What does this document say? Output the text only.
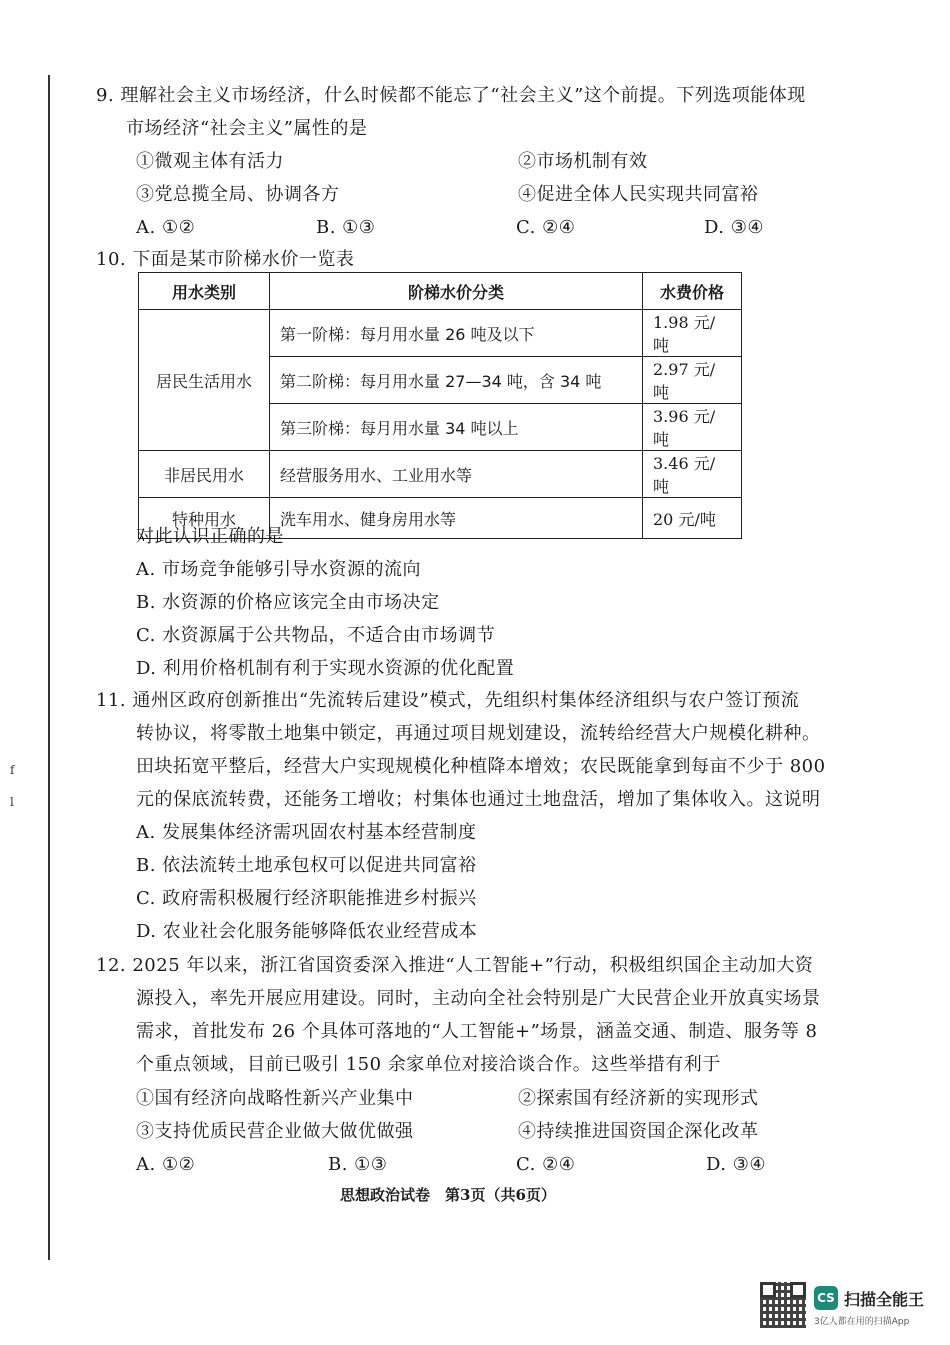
f
l
9. 理解社会主义市场经济，什么时候都不能忘了“社会主义”这个前提。下列选项能体现
市场经济“社会主义”属性的是
①微观主体有活力	②市场机制有效
③党总揽全局、协调各方	④促进全体人民实现共同富裕
A. ①②	B. ①③	C. ②④	D. ③④
10. 下面是某市阶梯水价一览表
用水类别	阶梯水价分类	水费价格
居民生活用水	第一阶梯：每月用水量 26 吨及以下	1.98 元/吨
	第二阶梯：每月用水量 27—34 吨，含 34 吨	2.97 元/吨
	第三阶梯：每月用水量 34 吨以上	3.96 元/吨
非居民用水	经营服务用水、工业用水等	3.46 元/吨
特种用水	洗车用水、健身房用水等	20 元/吨
对此认识正确的是
A. 市场竞争能够引导水资源的流向
B. 水资源的价格应该完全由市场决定
C. 水资源属于公共物品，不适合由市场调节
D. 利用价格机制有利于实现水资源的优化配置
11. 通州区政府创新推出“先流转后建设”模式，先组织村集体经济组织与农户签订预流
转协议，将零散土地集中锁定，再通过项目规划建设，流转给经营大户规模化耕种。
田块拓宽平整后，经营大户实现规模化种植降本增效；农民既能拿到每亩不少于 800
元的保底流转费，还能务工增收；村集体也通过土地盘活，增加了集体收入。这说明
A. 发展集体经济需巩固农村基本经营制度
B. 依法流转土地承包权可以促进共同富裕
C. 政府需积极履行经济职能推进乡村振兴
D. 农业社会化服务能够降低农业经营成本
12. 2025 年以来，浙江省国资委深入推进“人工智能+”行动，积极组织国企主动加大资
源投入，率先开展应用建设。同时，主动向全社会特别是广大民营企业开放真实场景
需求，首批发布 26 个具体可落地的“人工智能+”场景，涵盖交通、制造、服务等 8
个重点领域，目前已吸引 150 余家单位对接洽谈合作。这些举措有利于
①国有经济向战略性新兴产业集中	②探索国有经济新的实现形式
③支持优质民营企业做大做优做强	④持续推进国资国企深化改革
A. ①②	B. ①③	C. ②④	D. ③④
思想政治试卷　第3页（共6页）
CS 扫描全能王
3亿人都在用的扫描App
